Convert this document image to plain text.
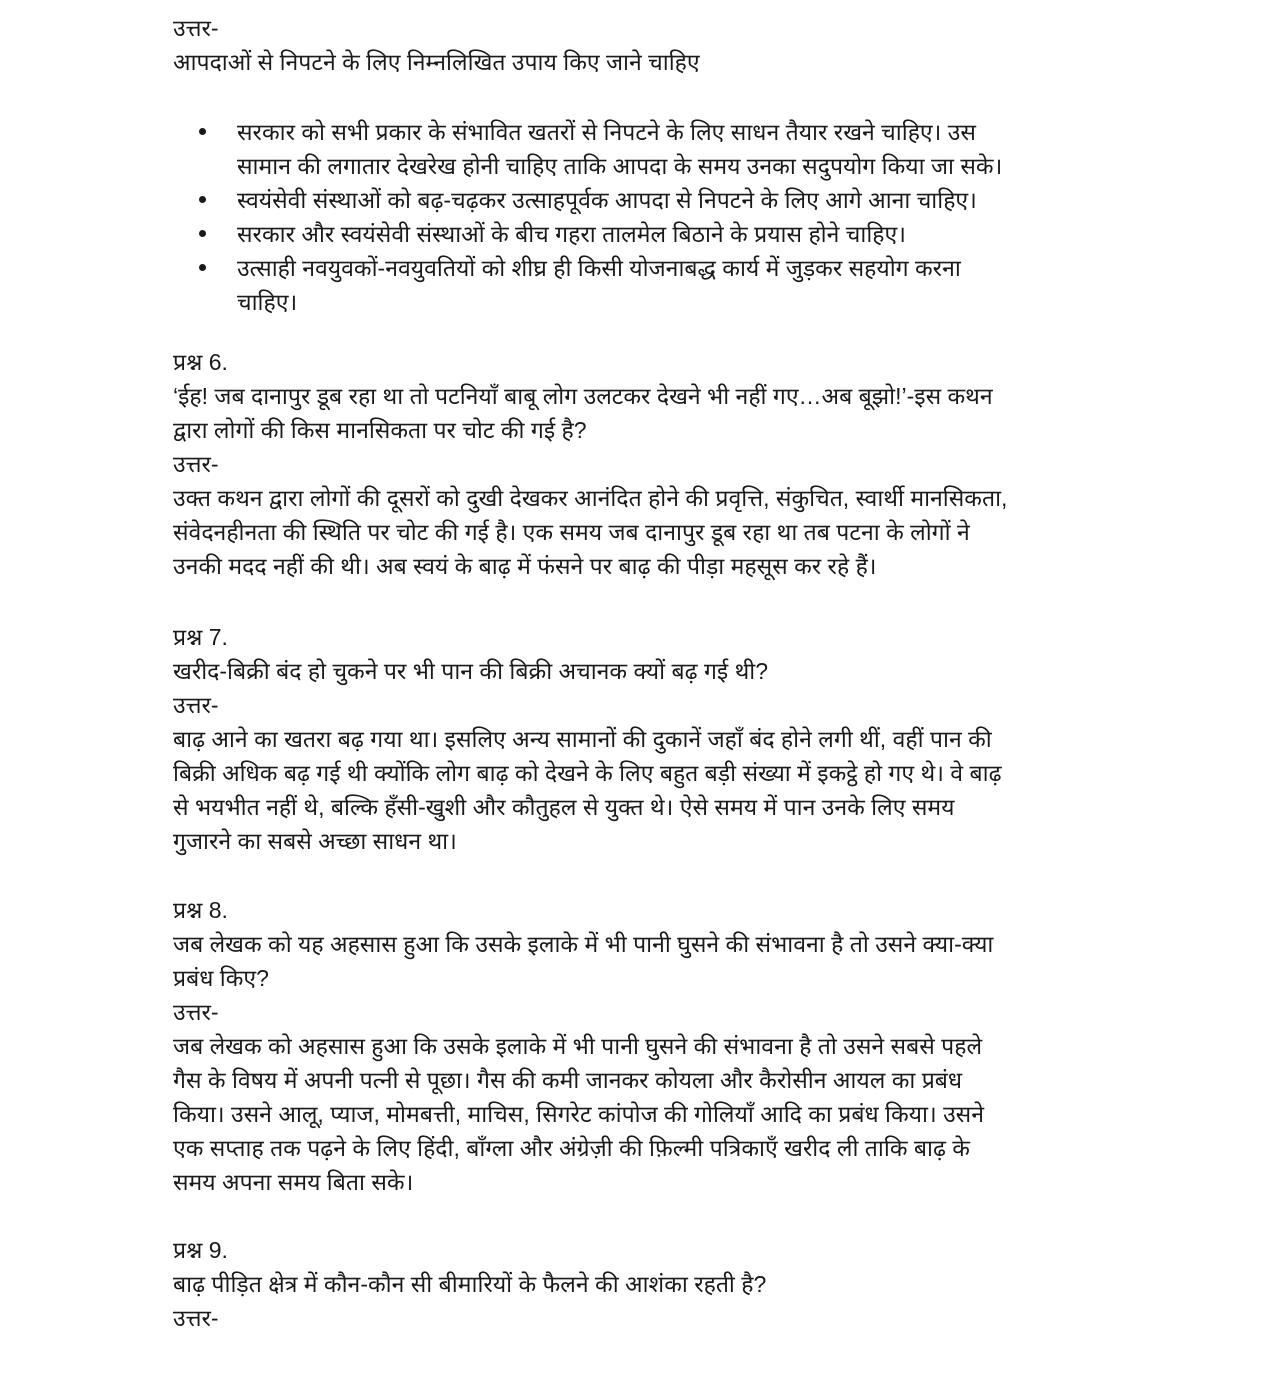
उत्तर-
आपदाओं से निपटने के लिए निम्नलिखित उपाय किए जाने चाहिए
सरकार को सभी प्रकार के संभावित खतरों से निपटने के लिए साधन तैयार रखने चाहिए। उस
सामान की लगातार देखरेख होनी चाहिए ताकि आपदा के समय उनका सदुपयोग किया जा सके।
स्वयंसेवी संस्थाओं को बढ़-चढ़कर उत्साहपूर्वक आपदा से निपटने के लिए आगे आना चाहिए।
सरकार और स्वयंसेवी संस्थाओं के बीच गहरा तालमेल बिठाने के प्रयास होने चाहिए।
उत्साही नवयुवकों-नवयुवतियों को शीघ्र ही किसी योजनाबद्ध कार्य में जुड़कर सहयोग करना
चाहिए।
प्रश्न 6.
‘ईह! जब दानापुर डूब रहा था तो पटनियाँ बाबू लोग उलटकर देखने भी नहीं गए…अब बूझो!’-इस कथन
द्वारा लोगों की किस मानसिकता पर चोट की गई है?
उत्तर-
उक्त कथन द्वारा लोगों की दूसरों को दुखी देखकर आनंदित होने की प्रवृत्ति, संकुचित, स्वार्थी मानसिकता,
संवेदनहीनता की स्थिति पर चोट की गई है। एक समय जब दानापुर डूब रहा था तब पटना के लोगों ने
उनकी मदद नहीं की थी। अब स्वयं के बाढ़ में फंसने पर बाढ़ की पीड़ा महसूस कर रहे हैं।
प्रश्न 7.
खरीद-बिक्री बंद हो चुकने पर भी पान की बिक्री अचानक क्यों बढ़ गई थी?
उत्तर-
बाढ़ आने का खतरा बढ़ गया था। इसलिए अन्य सामानों की दुकानें जहाँ बंद होने लगी थीं, वहीं पान की
बिक्री अधिक बढ़ गई थी क्योंकि लोग बाढ़ को देखने के लिए बहुत बड़ी संख्या में इकट्ठे हो गए थे। वे बाढ़
से भयभीत नहीं थे, बल्कि हँसी-खुशी और कौतुहल से युक्त थे। ऐसे समय में पान उनके लिए समय
गुजारने का सबसे अच्छा साधन था।
प्रश्न 8.
जब लेखक को यह अहसास हुआ कि उसके इलाके में भी पानी घुसने की संभावना है तो उसने क्या-क्या
प्रबंध किए?
उत्तर-
जब लेखक को अहसास हुआ कि उसके इलाके में भी पानी घुसने की संभावना है तो उसने सबसे पहले
गैस के विषय में अपनी पत्नी से पूछा। गैस की कमी जानकर कोयला और कैरोसीन आयल का प्रबंध
किया। उसने आलू, प्याज, मोमबत्ती, माचिस, सिगरेट कांपोज की गोलियाँ आदि का प्रबंध किया। उसने
एक सप्ताह तक पढ़ने के लिए हिंदी, बाँग्ला और अंग्रेज़ी की फ़िल्मी पत्रिकाएँ खरीद ली ताकि बाढ़ के
समय अपना समय बिता सके।
प्रश्न 9.
बाढ़ पीड़ित क्षेत्र में कौन-कौन सी बीमारियों के फैलने की आशंका रहती है?
उत्तर-
